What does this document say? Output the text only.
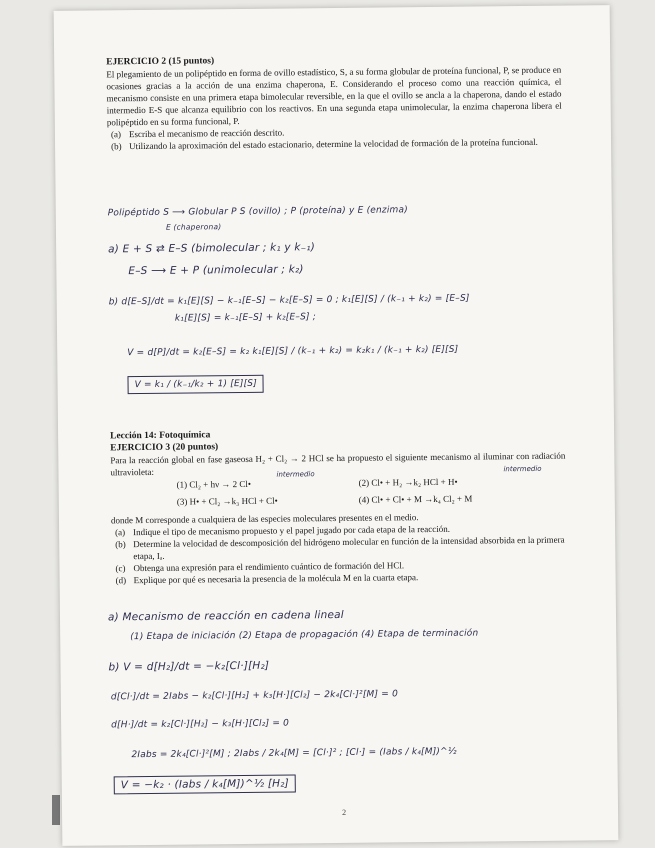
EJERCICIO 2 (15 puntos)
El plegamiento de un polipéptido en forma de ovillo estadístico, S, a su forma globular de proteína funcional, P, se produce en ocasiones gracias a la acción de una enzima chaperona, E. Considerando el proceso como una reacción química, el mecanismo consiste en una primera etapa bimolecular reversible, en la que el ovillo se ancla a la chaperona, dando el estado intermedio E-S que alcanza equilibrio con los reactivos. En una segunda etapa unimolecular, la enzima chaperona libera el polipéptido en su forma funcional, P.
(a) Escriba el mecanismo de reacción descrito.
(b) Utilizando la aproximación del estado estacionario, determine la velocidad de formación de la proteína funcional.
Polipéptido S ⟶ Globular P S (ovillo) ; P (proteína) y E (enzima)
E (chaperona)
a) E + S ⇄ E–S (bimolecular ; k₁ y k₋₁)
E–S ⟶ E + P (unimolecular ; k₂)
b) d[E–S]/dt = k₁[E][S] − k₋₁[E–S] − k₂[E–S] = 0 ; k₁[E][S] / (k₋₁ + k₂) = [E–S]
k₁[E][S] = k₋₁[E–S] + k₂[E–S] ;
V = d[P]/dt = k₂[E–S] = k₂ k₁[E][S] / (k₋₁ + k₂) = k₂k₁ / (k₋₁ + k₂) [E][S]
V = k₁ / (k₋₁/k₂ + 1) [E][S]
Lección 14: Fotoquímica
EJERCICIO 3 (20 puntos)
Para la reacción global en fase gaseosa H₂ + Cl₂ → 2 HCl se ha propuesto el siguiente mecanismo al iluminar con radiación ultravioleta:
(1) Cl₂ + hν → 2 Cl•	(2) Cl• + H₂ →k₂ HCl + H•
(3) H• + Cl₂ →k₃ HCl + Cl•	(4) Cl• + Cl• + M →k₄ Cl₂ + M
intermedio
intermedio
donde M corresponde a cualquiera de las especies moleculares presentes en el medio.
(a) Indique el tipo de mecanismo propuesto y el papel jugado por cada etapa de la reacción.
(b) Determine la velocidad de descomposición del hidrógeno molecular en función de la intensidad absorbida en la primera etapa, Iₐ.
(c) Obtenga una expresión para el rendimiento cuántico de formación del HCl.
(d) Explique por qué es necesaria la presencia de la molécula M en la cuarta etapa.
a) Mecanismo de reacción en cadena lineal
(1) Etapa de iniciación (2) Etapa de propagación (4) Etapa de terminación
b) V = d[H₂]/dt = −k₂[Cl·][H₂]
d[Cl·]/dt = 2Iabs − k₂[Cl·][H₂] + k₃[H·][Cl₂] − 2k₄[Cl·]²[M] = 0
d[H·]/dt = k₂[Cl·][H₂] − k₃[H·][Cl₂] = 0
2Iabs = 2k₄[Cl·]²[M] ; 2Iabs / 2k₄[M] = [Cl·]² ; [Cl·] = (Iabs / k₄[M])^½
V = −k₂ · (Iabs / k₄[M])^½ [H₂]
2
